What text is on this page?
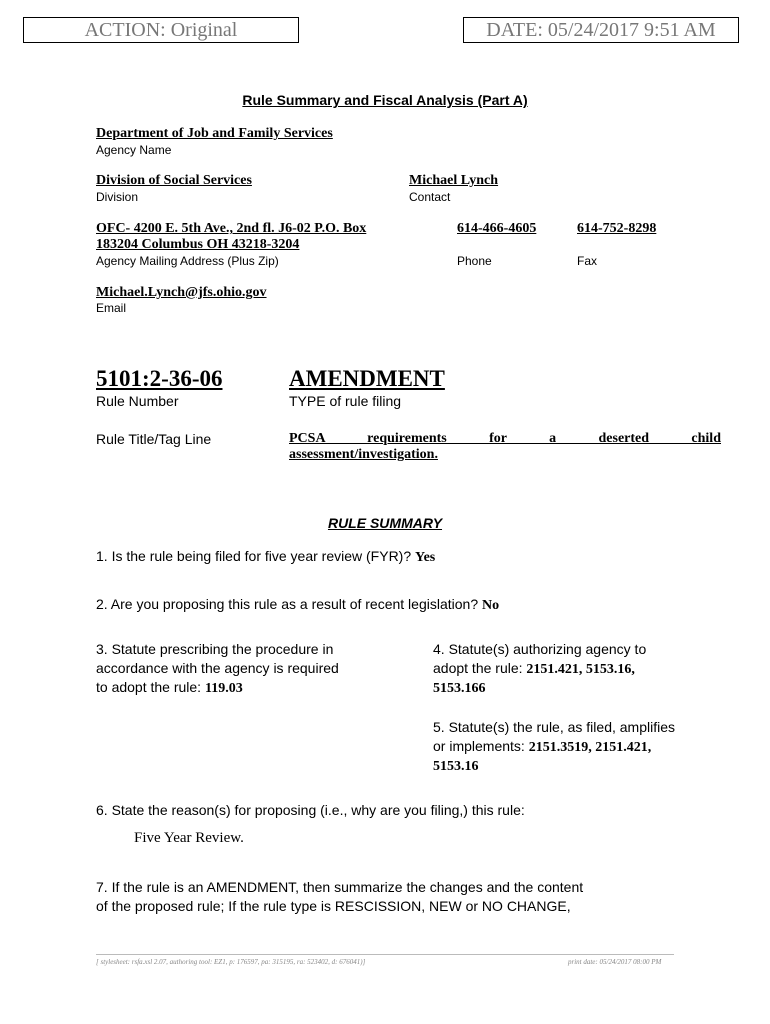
ACTION: Original	DATE: 05/24/2017 9:51 AM
Rule Summary and Fiscal Analysis (Part A)
Department of Job and Family Services
Agency Name
Division of Social Services
Division
Michael Lynch
Contact
OFC- 4200 E. 5th Ave., 2nd fl. J6-02 P.O. Box
183204 Columbus OH 43218-3204
Agency Mailing Address (Plus Zip)
614-466-4605
Phone
614-752-8298
Fax
Michael.Lynch@jfs.ohio.gov
Email
5101:2-36-06
Rule Number
AMENDMENT
TYPE of rule filing
Rule Title/Tag Line	PCSA requirements for a deserted child
assessment/investigation.
RULE SUMMARY
1. Is the rule being filed for five year review (FYR)? Yes
2. Are you proposing this rule as a result of recent legislation? No
3. Statute prescribing the procedure in
accordance with the agency is required
to adopt the rule: 119.03
4. Statute(s) authorizing agency to
adopt the rule: 2151.421, 5153.16,
5153.166
5. Statute(s) the rule, as filed, amplifies
or implements: 2151.3519, 2151.421,
5153.16
6. State the reason(s) for proposing (i.e., why are you filing,) this rule:
Five Year Review.
7. If the rule is an AMENDMENT, then summarize the changes and the content
of the proposed rule; If the rule type is RESCISSION, NEW or NO CHANGE,
[ stylesheet: rsfa.xsl 2.07, authoring tool: EZ1, p: 176597, pa: 315195, ra: 523402, d: 676041)]	print date: 05/24/2017 08:00 PM
